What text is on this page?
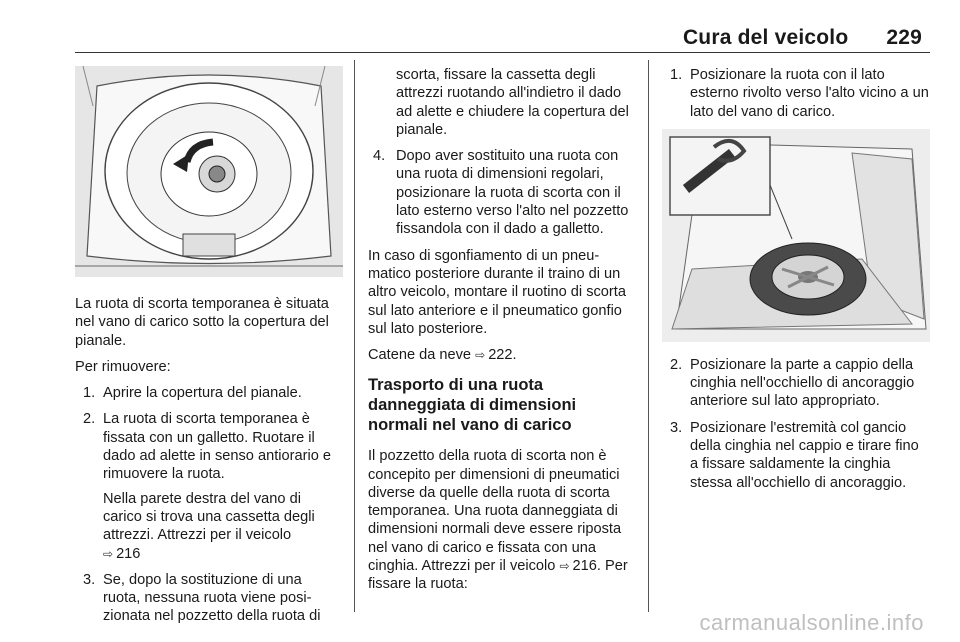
Cura del veicolo 229

La ruota di scorta temporanea è situata nel vano di carico sotto la copertura del pianale.

Per rimuovere:

1. Aprire la copertura del pianale.
2. La ruota di scorta temporanea è fissata con un galletto. Ruotare il dado ad alette in senso antiorario e rimuovere la ruota.
Nella parete destra del vano di carico si trova una cassetta degli attrezzi. Attrezzi per il veicolo
⇨ 216
3. Se, dopo la sostituzione di una ruota, nessuna ruota viene posizionata nel pozzetto della ruota di
scorta, fissare la cassetta degli attrezzi ruotando all'indietro il dado ad alette e chiudere la copertura del pianale.
4. Dopo aver sostituito una ruota con una ruota di dimensioni regolari, posizionare la ruota di scorta con il lato esterno verso l'alto nel pozzetto fissandola con il dado a galletto.

In caso di sgonfiamento di un pneumatico posteriore durante il traino di un altro veicolo, montare il ruotino di scorta sul lato anteriore e il pneumatico gonfio sul lato posteriore.

Catene da neve ⇨ 222.

Trasporto di una ruota danneggiata di dimensioni normali nel vano di carico

Il pozzetto della ruota di scorta non è concepito per dimensioni di pneumatici diverse da quelle della ruota di scorta temporanea. Una ruota danneggiata di dimensioni normali deve essere riposta nel vano di carico e fissata con una cinghia. Attrezzi per il veicolo ⇨ 216. Per fissare la ruota:

1. Posizionare la ruota con il lato esterno rivolto verso l'alto vicino a un lato del vano di carico.
2. Posizionare la parte a cappio della cinghia nell'occhiello di ancoraggio anteriore sul lato appropriato.
3. Posizionare l'estremità col gancio della cinghia nel cappio e tirare fino a fissare saldamente la cinghia stessa all'occhiello di ancoraggio.
carmanualsonline.info
